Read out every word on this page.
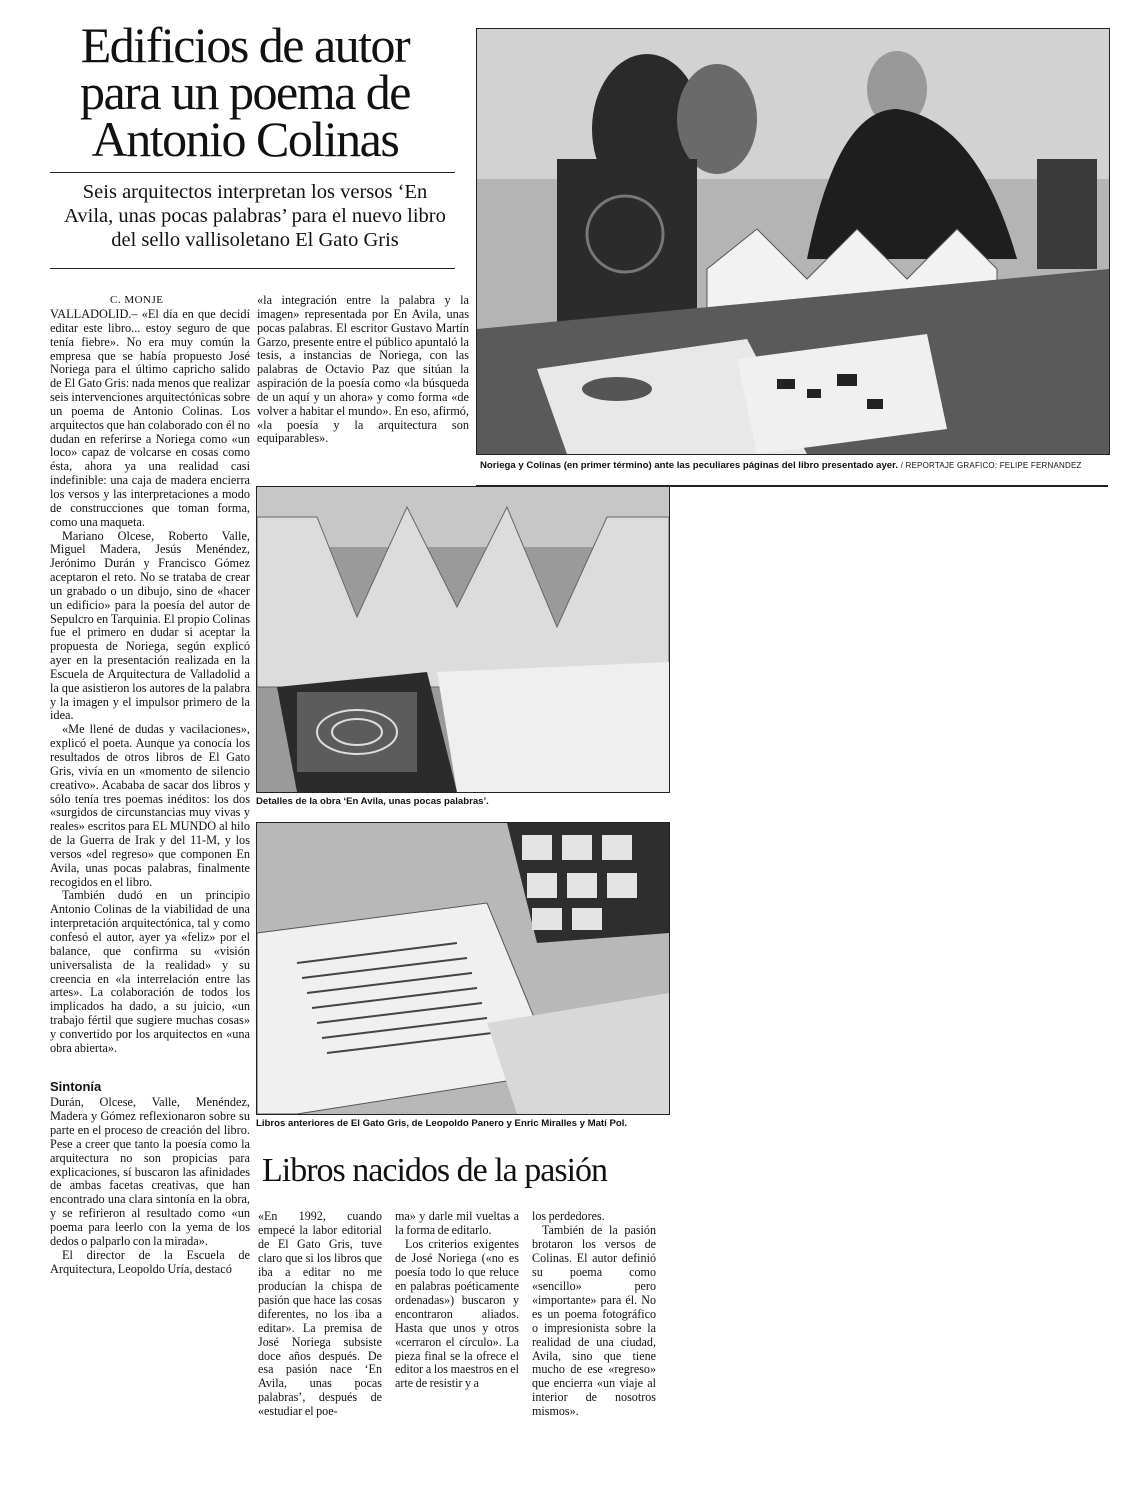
Edificios de autor para un poema de Antonio Colinas
Seis arquitectos interpretan los versos ‘En Avila, unas pocas palabras’ para el nuevo libro del sello vallisoletano El Gato Gris
C. MONJE

VALLADOLID.– «El día en que decidí editar este libro... estoy seguro de que tenía fiebre». No era muy común la empresa que se había propuesto José Noriega para el último capricho salido de El Gato Gris: nada menos que realizar seis intervenciones arquitectónicas sobre un poema de Antonio Colinas. Los arquitectos que han colaborado con él no dudan en referirse a Noriega como «un loco» capaz de volcarse en cosas como ésta, ahora ya una realidad casi indefinible: una caja de madera encierra los versos y las interpretaciones a modo de construcciones que toman forma, como una maqueta.

Mariano Olcese, Roberto Valle, Miguel Madera, Jesús Menéndez, Jerónimo Durán y Francisco Gómez aceptaron el reto. No se trataba de crear un grabado o un dibujo, sino de «hacer un edificio» para la poesía del autor de Sepulcro en Tarquinia. El propio Colinas fue el primero en dudar si aceptar la propuesta de Noriega, según explicó ayer en la presentación realizada en la Escuela de Arquitectura de Valladolid a la que asistieron los autores de la palabra y la imagen y el impulsor primero de la idea.

«Me llené de dudas y vacilaciones», explicó el poeta. Aunque ya conocía los resultados de otros libros de El Gato Gris, vivía en un «momento de silencio creativo». Acababa de sacar dos libros y sólo tenía tres poemas inéditos: los dos «surgidos de circunstancias muy vivas y reales» escritos para EL MUNDO al hilo de la Guerra de Irak y del 11-M, y los versos «del regreso» que componen En Avila, unas pocas palabras, finalmente recogidos en el libro.

También dudó en un principio Antonio Colinas de la viabilidad de una interpretación arquitectónica, tal y como confesó el autor, ayer ya «feliz» por el balance, que confirma su «visión universalista de la realidad» y su creencia en «la interrelación entre las artes». La colaboración de todos los implicados ha dado, a su juicio, «un trabajo fértil que sugiere muchas cosas» y convertido por los arquitectos en «una obra abierta».

Sintonía

Durán, Olcese, Valle, Menéndez, Madera y Gómez reflexionaron sobre su parte en el proceso de creación del libro. Pese a creer que tanto la poesía como la arquitectura no son propicias para explicaciones, sí buscaron las afinidades de ambas facetas creativas, que han encontrado una clara sintonía en la obra, y se refirieron al resultado como «un poema para leerlo con la yema de los dedos o palparlo con la mirada».

El director de la Escuela de Arquitectura, Leopoldo Uría, destacó

«la integración entre la palabra y la imagen» representada por En Avila, unas pocas palabras. El escritor Gustavo Martín Garzo, presente entre el público apuntaló la tesis, a instancias de Noriega, con las palabras de Octavio Paz que sitúan la aspiración de la poesía como «la búsqueda de un aquí y un ahora» y como forma «de volver a habitar el mundo». En eso, afirmó, «la poesía y la arquitectura son equiparables».

Noriega y Colinas (en primer término) ante las peculiares páginas del libro presentado ayer. / REPORTAJE GRAFICO: FELIPE FERNANDEZ
Detalles de la obra ‘En Avila, unas pocas palabras’.
Libros anteriores de El Gato Gris, de Leopoldo Panero y Enric Miralles y Matí Pol.
Libros nacidos de la pasión

«En 1992, cuando empecé la labor editorial de El Gato Gris, tuve claro que si los libros que iba a editar no me producían la chispa de pasión que hace las cosas diferentes, no los iba a editar». La premisa de José Noriega subsiste doce años después. De esa pasión nace ‘En Avila, unas pocas palabras’, después de «estudiar el poe-

ma» y darle mil vueltas a la forma de editarlo.

Los criterios exigentes de José Noriega («no es poesía todo lo que reluce en palabras poéticamente ordenadas») buscaron y encontraron aliados. Hasta que unos y otros «cerraron el círculo». La pieza final se la ofrece el editor a los maestros en el arte de resistir y a

los perdedores.

También de la pasión brotaron los versos de Colinas. El autor definió su poema como «sencillo» pero «importante» para él. No es un poema fotográfico o impresionista sobre la realidad de una ciudad, Avila, sino que tiene mucho de ese «regreso» que encierra «un viaje al interior de nosotros mismos».
